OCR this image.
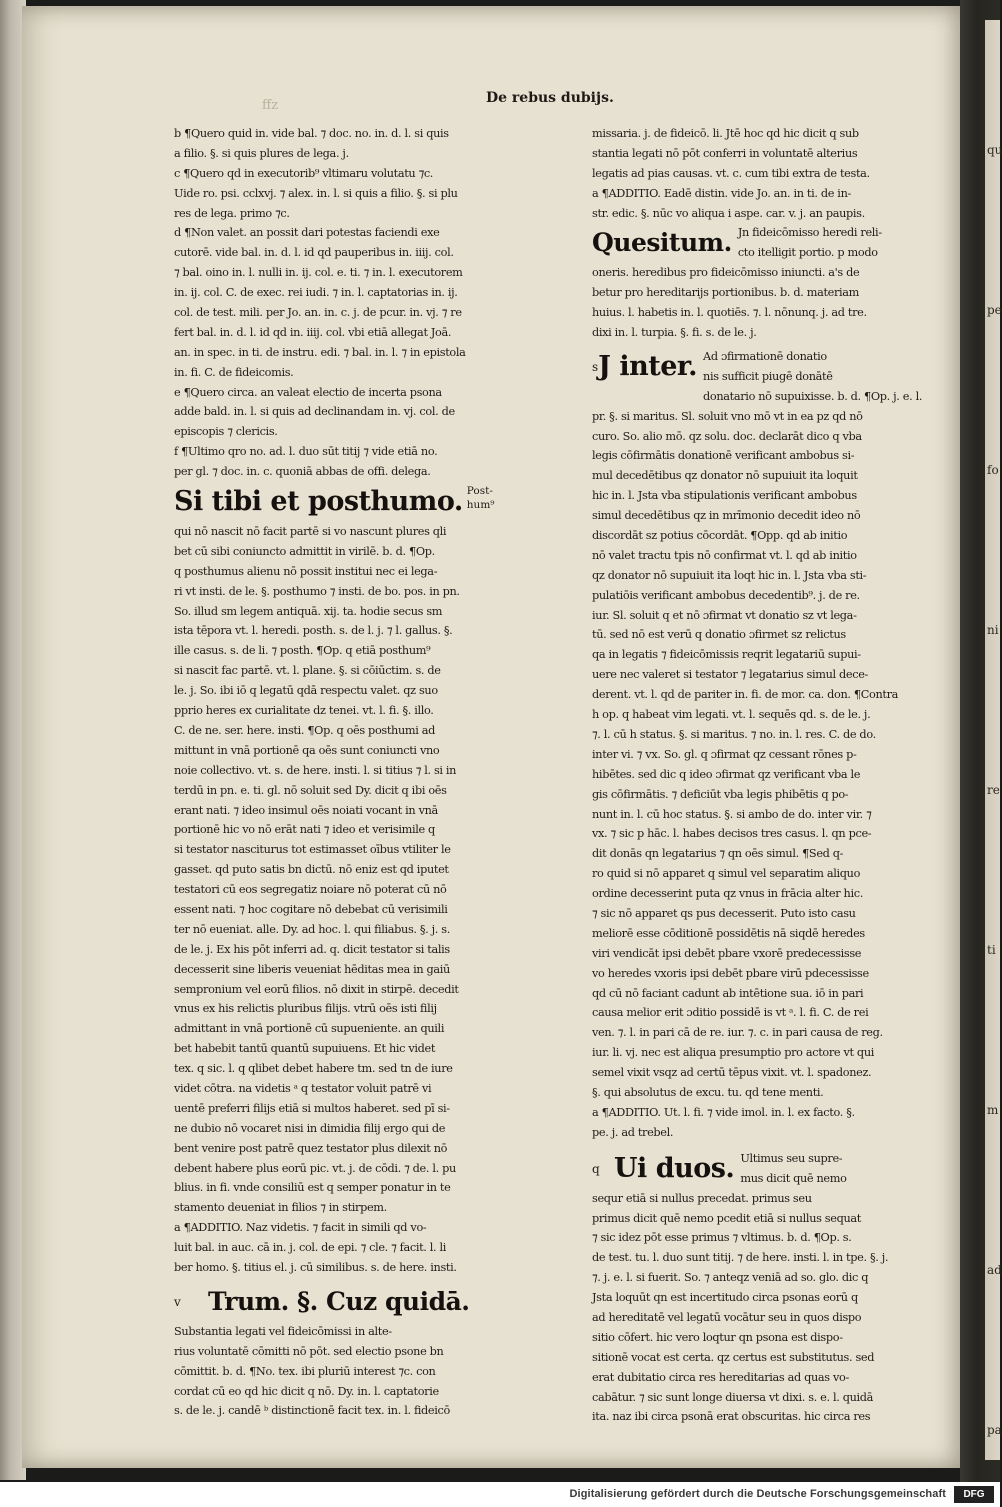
ffz
qu
pe
fo
ni
re
ti
m
ad
pa
De rebus dubijs.
b ¶Quero quid in. vide bal. ⁊ doc. no. in. d. l. si quis
a filio. §. si quis plures de lega. j.
c ¶Quero qd in executorib⁹ vltimaru volutatu ⁊c.
Uide ro. psi. cclxvj. ⁊ alex. in. l. si quis a filio. §. si plu
res de lega. primo ⁊c.
d ¶Non valet. an possit dari potestas faciendi exe
cutorē. vide bal. in. d. l. id qd pauperibus in. iiij. col.
⁊ bal. oino in. l. nulli in. ij. col. e. ti. ⁊ in. l. executorem
in. ij. col. C. de exec. rei iudi. ⁊ in. l. captatorias in. ij.
col. de test. mili. per Jo. an. in. c. j. de pcur. in. vj. ⁊ re
fert bal. in. d. l. id qd in. iiij. col. vbi etiā allegat Joā.
an. in spec. in ti. de instru. edi. ⁊ bal. in. l. ⁊ in epistola
in. fi. C. de fideicomis.
e ¶Quero circa. an valeat electio de incerta psona
adde bald. in. l. si quis ad declinandam in. vj. col. de
episcopis ⁊ clericis.
f ¶Ultimo qro no. ad. l. duo sūt titij ⁊ vide etiā no.
per gl. ⁊ doc. in. c. quoniā abbas de offi. delega.
Si tibi et posthumo. Post- hum⁹
qui nō nascit nō facit partē si vo nascunt plures qli
bet cū sibi coniuncto admittit in virilē. b. d. ¶Op.
q posthumus alienu nō possit institui nec ei lega-
ri vt insti. de le. §. posthumo ⁊ insti. de bo. pos. in pn.
So. illud sm legem antiquā. xij. ta. hodie secus sm
ista tēpora vt. l. heredi. posth. s. de l. j. ⁊ l. gallus. §.
ille casus. s. de li. ⁊ posth. ¶Op. q etiā posthum⁹
si nascit fac partē. vt. l. plane. §. si cōiūctim. s. de
le. j. So. ibi iō q legatū qdā respectu valet. qz suo
pprio heres ex curialitate dz tenei. vt. l. fi. §. illo.
C. de ne. ser. here. insti. ¶Op. q oēs posthumi ad
mittunt in vnā portionē qa oēs sunt coniuncti vno
noie collectivo. vt. s. de here. insti. l. si titius ⁊ l. si in
terdū in pn. e. ti. gl. nō soluit sed Dy. dicit q ibi oēs
erant nati. ⁊ ideo insimul oēs noiati vocant in vnā
portionē hic vo nō erāt nati ⁊ ideo et verisimile q
si testator nasciturus tot estimasset oībus vtiliter le
gasset. qd puto satis bn dictū. nō eniz est qd iputet
testatori cū eos segregatiz noiare nō poterat cū nō
essent nati. ⁊ hoc cogitare nō debebat cū verisimili
ter nō eueniat. alle. Dy. ad hoc. l. qui filiabus. §. j. s.
de le. j. Ex his pōt inferri ad. q. dicit testator si talis
decesserit sine liberis veueniat hēditas mea in gaiū
sempronium vel eorū filios. nō dixit in stirpē. decedit
vnus ex his relictis pluribus filijs. vtrū oēs isti filij
admittant in vnā portionē cū supueniente. an quili
bet habebit tantū quantū supuiuens. Et hic videt
tex. q sic. l. q qlibet debet habere tm. sed tn de iure
videt cōtra. na videtis ᵃ q testator voluit patrē vi
uentē preferri filijs etiā si multos haberet. sed pī si-
ne dubio nō vocaret nisi in dimidia filij ergo qui de
bent venire post patrē quez testator plus dilexit nō
debent habere plus eorū pic. vt. j. de cōdi. ⁊ de. l. pu
blius. in fi. vnde consiliū est q semper ponatur in te
stamento deueniat in filios ⁊ in stirpem.
a ¶ADDITIO. Naz videtis. ⁊ facit in simili qd vo-
luit bal. in auc. cā in. j. col. de epi. ⁊ cle. ⁊ facit. l. li
ber homo. §. titius el. j. cū similibus. s. de here. insti.
v	Trum. §. Cuz quidā.
Substantia legati vel fideicōmissi in alte-
rius voluntatē cōmitti nō pōt. sed electio psone bn
cōmittit. b. d. ¶No. tex. ibi pluriū interest ⁊c. con
cordat cū eo qd hic dicit q nō. Dy. in. l. captatorie
s. de le. j. candē ᵇ distinctionē facit tex. in. l. fideicō
missaria. j. de fideicō. li. Jtē hoc qd hic dicit q sub
stantia legati nō pōt conferri in voluntatē alterius
legatis ad pias causas. vt. c. cum tibi extra de testa.
a ¶ADDITIO. Eadē distin. vide Jo. an. in ti. de in-
str. edic. §. nūc vo aliqua i aspe. car. v. j. an paupis.
Quesitum. Jn fideicōmisso heredi reli-
cto itelligit portio. p modo
oneris. heredibus pro fideicōmisso iniuncti. a's de
betur pro hereditarijs portionibus. b. d. materiam
huius. l. habetis in. l. quotiēs. ⁊. l. nōnunq. j. ad tre.
dixi in. l. turpia. §. fi. s. de le. j.
s J inter. Ad ɔfirmationē donatio
nis sufficit piugē donātē
donatario nō supuixisse. b. d. ¶Op. j. e. l.
pr. §. si maritus. Sl. soluit vno mō vt in ea pz qd nō
curo. So. alio mō. qz solu. doc. declarāt dico q vba
legis cōfirmātis donationē verificant ambobus si-
mul decedētibus qz donator nō supuiuit ita loquit
hic in. l. Jsta vba stipulationis verificant ambobus
simul decedētibus qz in mrīmonio decedit ideo nō
discordāt sz potius cōcordāt. ¶Opp. qd ab initio
nō valet tractu tpis nō confirmat vt. l. qd ab initio
qz donator nō supuiuit ita loqt hic in. l. Jsta vba sti-
pulatiōis verificant ambobus decedentib⁹. j. de re.
iur. Sl. soluit q et nō ɔfirmat vt donatio sz vt lega-
tū. sed nō est verū q donatio ɔfirmet sz relictus
qa in legatis ⁊ fideicōmissis reqrit legatariū supui-
uere nec valeret si testator ⁊ legatarius simul dece-
derent. vt. l. qd de pariter in. fi. de mor. ca. don. ¶Contra
h op. q habeat vim legati. vt. l. sequēs qd. s. de le. j.
⁊. l. cū h status. §. si maritus. ⁊ no. in. l. res. C. de do.
inter vi. ⁊ vx. So. gl. q ɔfirmat qz cessant rōnes p-
hibētes. sed dic q ideo ɔfirmat qz verificant vba le
gis cōfirmātis. ⁊ deficiūt vba legis phibētis q po-
nunt in. l. cū hoc status. §. si ambo de do. inter vir. ⁊
vx. ⁊ sic p hāc. l. habes decisos tres casus. l. qn pce-
dit donās qn legatarius ⁊ qn oēs simul. ¶Sed q-
ro quid si nō apparet q simul vel separatim aliquo
ordine decesserint puta qz vnus in frācia alter hic.
⁊ sic nō apparet qs pus decesserit. Puto isto casu
meliorē esse cōditionē possidētis nā siqdē heredes
viri vendicāt ipsi debēt pbare vxorē predecessisse
vo heredes vxoris ipsi debēt pbare virū pdecessisse
qd cū nō faciant cadunt ab intētione sua. iō in pari
causa melior erit ɔditio possidē is vt ᵃ. l. fi. C. de rei
ven. ⁊. l. in pari cā de re. iur. ⁊. c. in pari causa de reg.
iur. li. vj. nec est aliqua presumptio pro actore vt qui
semel vixit vsqz ad certū tēpus vixit. vt. l. spadonez.
§. qui absolutus de excu. tu. qd tene menti.
a ¶ADDITIO. Ut. l. fi. ⁊ vide imol. in. l. ex facto. §.
pe. j. ad trebel.
q Ui duos. Ultimus seu supre-
mus dicit quē nemo
sequr etiā si nullus precedat. primus seu
primus dicit quē nemo pcedit etiā si nullus sequat
⁊ sic idez pōt esse primus ⁊ vltimus. b. d. ¶Op. s.
de test. tu. l. duo sunt titij. ⁊ de here. insti. l. in tpe. §. j.
⁊. j. e. l. si fuerit. So. ⁊ anteqz veniā ad so. glo. dic q
Jsta loquūt qn est incertitudo circa psonas eorū q
ad hereditatē vel legatū vocātur seu in quos dispo
sitio cōfert. hic vero loqtur qn psona est dispo-
sitionē vocat est certa. qz certus est substitutus. sed
erat dubitatio circa res hereditarias ad quas vo-
cabātur. ⁊ sic sunt longe diuersa vt dixi. s. e. l. quidā
ita. naz ibi circa psonā erat obscuritas. hic circa res
Digitalisierung gefördert durch die Deutsche Forschungsgemeinschaft	DFG
